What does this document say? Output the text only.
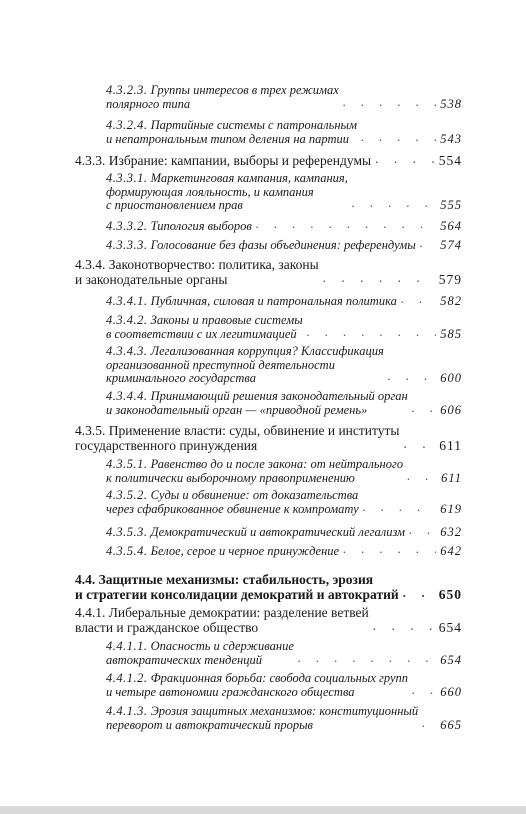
4.3.2.3. Группы интересов в трех режимах
полярного типа . . .	538
4.3.2.4. Партийные системы с патрональным
и непатрональным типом деления на партии . . .	543
4.3.3. Избрание: кампании, выборы и референдумы . . .	554
4.3.3.1. Маркетинговая кампания, кампания,
формирующая лояльность, и кампания
с приостановлением прав . . .	555
4.3.3.2. Типология выборов . . .	564
4.3.3.3. Голосование без фазы объединения: референдумы . . . 574
4.3.4. Законотворчество: политика, законы
и законодательные органы . . .	579
4.3.4.1. Публичная, силовая и патрональная политика . . .	582
4.3.4.2. Законы и правовые системы
в соответствии с их легитимацией . . .	585
4.3.4.3. Легализованная коррупция? Классификация
организованной преступной деятельности
криминального государства . . .	600
4.3.4.4. Принимающий решения законодательный орган
и законодательный орган — «приводной ремень» . . .	606
4.3.5. Применение власти: суды, обвинение и институты
государственного принуждения . . .	611
4.3.5.1. Равенство до и после закона: от нейтрального
к политически выборочному правоприменению . . .	611
4.3.5.2. Суды и обвинение: от доказательства
через сфабрикованное обвинение к компромату . . .	619
4.3.5.3. Демократический и автократический легализм . . .	632
4.3.5.4. Белое, серое и черное принуждение . . .	642
4.4. Защитные механизмы: стабильность, эрозия
и стратегии консолидации демократий и автократий . . .	650
4.4.1. Либеральные демократии: разделение ветвей
власти и гражданское общество . . .	654
4.4.1.1. Опасность и сдерживание
автократических тенденций . . .	654
4.4.1.2. Фракционная борьба: свобода социальных групп
и четыре автономии гражданского общества . . .	660
4.4.1.3. Эрозия защитных механизмов: конституционный
переворот и автократический прорыв . . .	665
